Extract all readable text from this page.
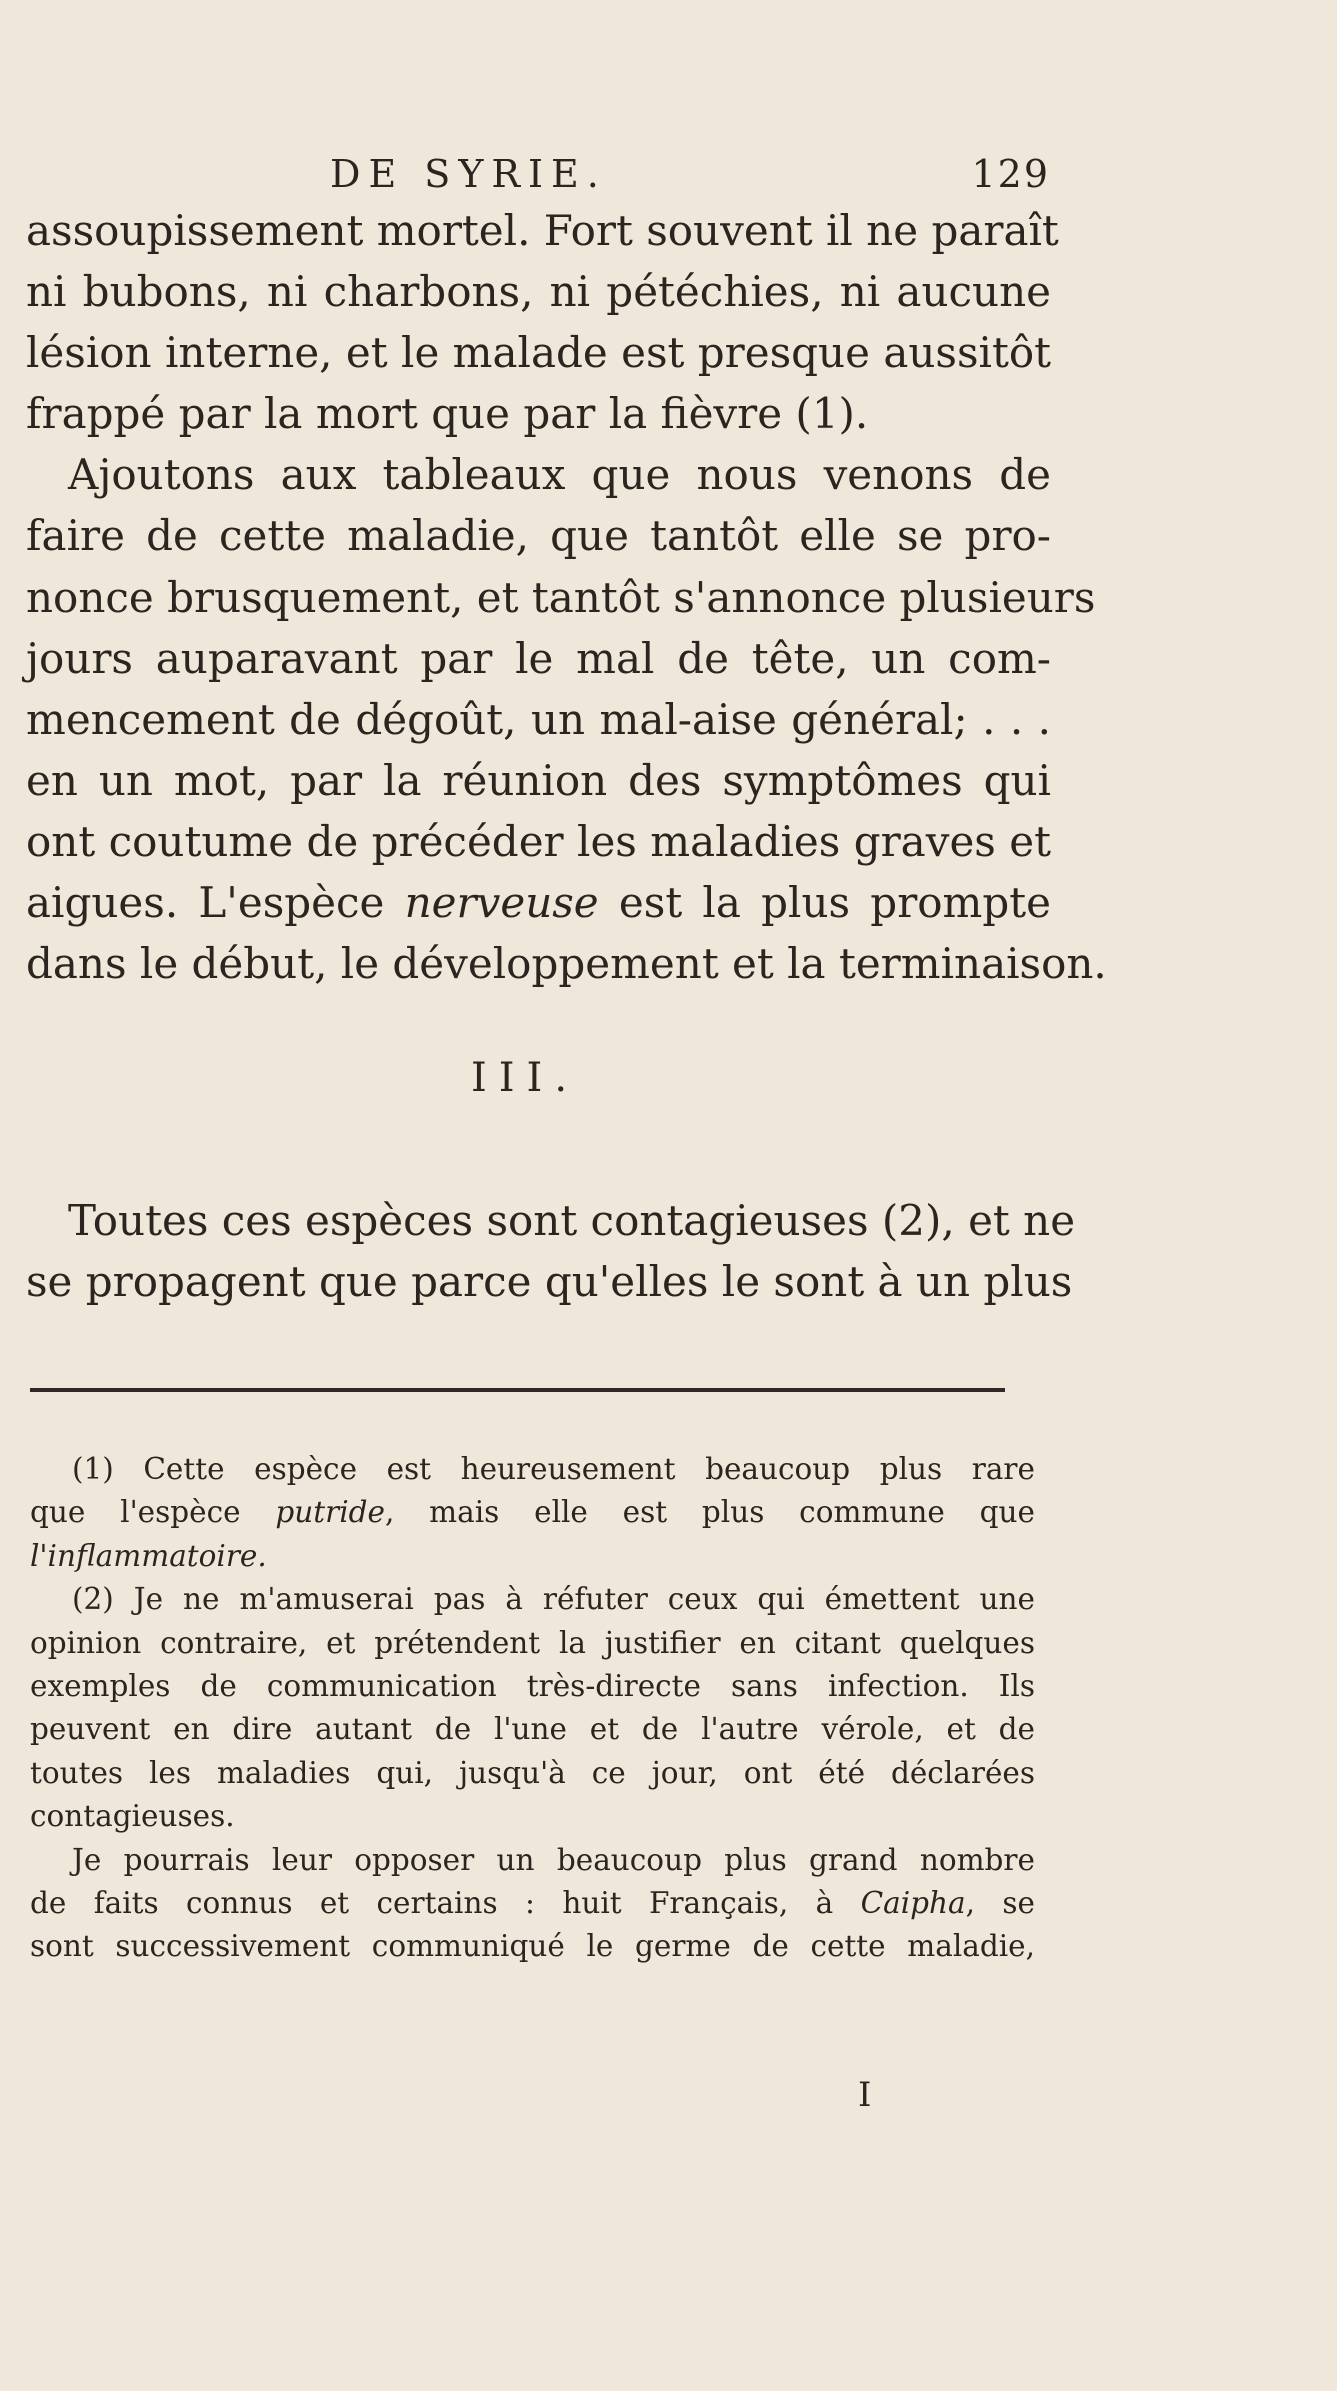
DE SYRIE.	129
assoupissement mortel. Fort souvent il ne paraît
ni bubons, ni charbons, ni pétéchies, ni aucune
lésion interne, et le malade est presque aussitôt
frappé par la mort que par la fièvre (1).
Ajoutons aux tableaux que nous venons de
faire de cette maladie, que tantôt elle se pro-
nonce brusquement, et tantôt s'annonce plusieurs
jours auparavant par le mal de tête, un com-
mencement de dégoût, un mal-aise général; . . .
en un mot, par la réunion des symptômes qui
ont coutume de précéder les maladies graves et
aigues. L'espèce nerveuse est la plus prompte
dans le début, le développement et la terminaison.
III.
Toutes ces espèces sont contagieuses (2), et ne
se propagent que parce qu'elles le sont à un plus
(1) Cette espèce est heureusement beaucoup plus rare
que l'espèce putride, mais elle est plus commune que
l'inflammatoire.
(2) Je ne m'amuserai pas à réfuter ceux qui émettent une
opinion contraire, et prétendent la justifier en citant quelques
exemples de communication très-directe sans infection. Ils
peuvent en dire autant de l'une et de l'autre vérole, et de
toutes les maladies qui, jusqu'à ce jour, ont été déclarées
contagieuses.
Je pourrais leur opposer un beaucoup plus grand nombre
de faits connus et certains : huit Français, à Caipha, se
sont successivement communiqué le germe de cette maladie,
I
